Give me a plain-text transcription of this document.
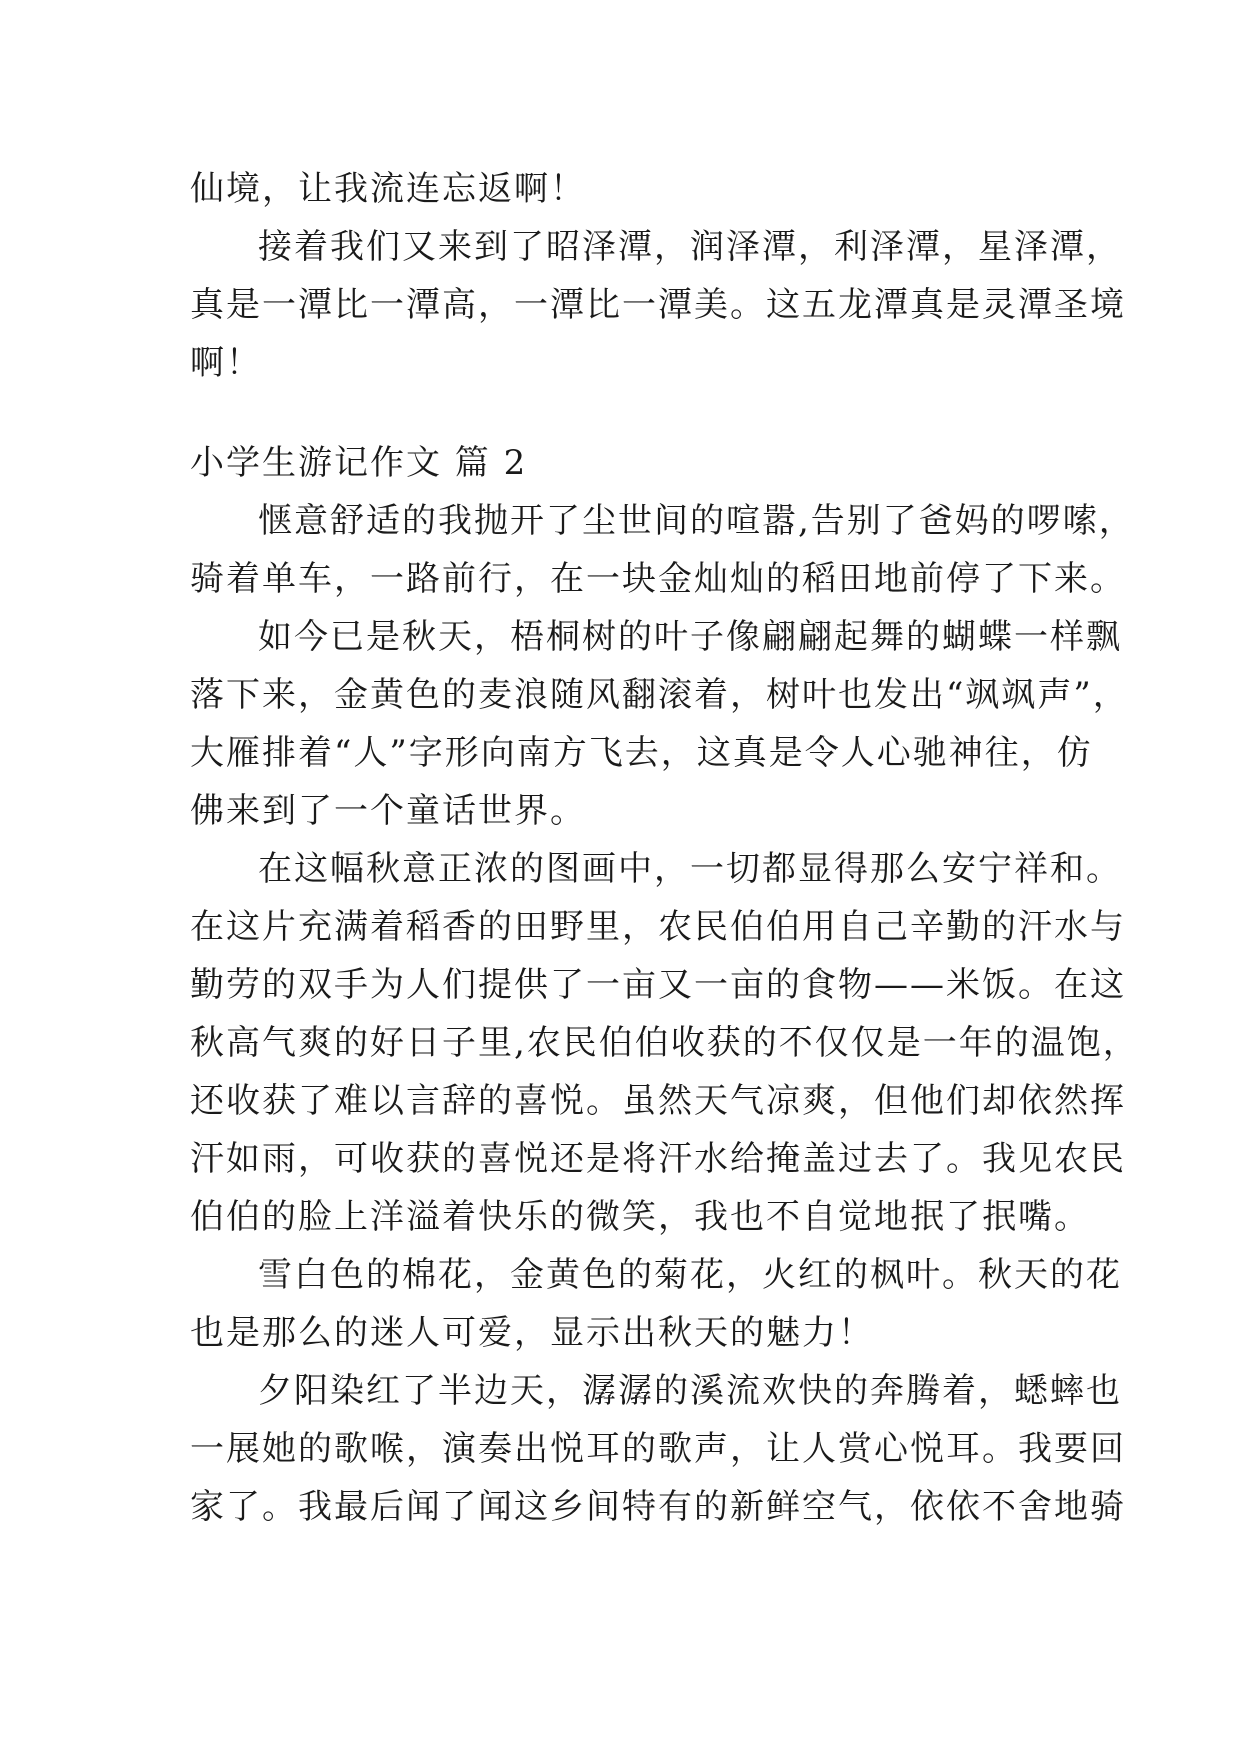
仙境，让我流连忘返啊！
接着我们又来到了昭泽潭，润泽潭，利泽潭，星泽潭，
真是一潭比一潭高，一潭比一潭美。这五龙潭真是灵潭圣境
啊！
小学生游记作文 篇 2
惬意舒适的我抛开了尘世间的喧嚣,告别了爸妈的啰嗦，
骑着单车，一路前行，在一块金灿灿的稻田地前停了下来。
如今已是秋天，梧桐树的叶子像翩翩起舞的蝴蝶一样飘
落下来，金黄色的麦浪随风翻滚着，树叶也发出“飒飒声”，
大雁排着“人”字形向南方飞去，这真是令人心驰神往，仿
佛来到了一个童话世界。
在这幅秋意正浓的图画中，一切都显得那么安宁祥和。
在这片充满着稻香的田野里，农民伯伯用自己辛勤的汗水与
勤劳的双手为人们提供了一亩又一亩的食物——米饭。在这
秋高气爽的好日子里,农民伯伯收获的不仅仅是一年的温饱，
还收获了难以言辞的喜悦。虽然天气凉爽，但他们却依然挥
汗如雨，可收获的喜悦还是将汗水给掩盖过去了。我见农民
伯伯的脸上洋溢着快乐的微笑，我也不自觉地抿了抿嘴。
雪白色的棉花，金黄色的菊花，火红的枫叶。秋天的花
也是那么的迷人可爱，显示出秋天的魅力！
夕阳染红了半边天，潺潺的溪流欢快的奔腾着，蟋蟀也
一展她的歌喉，演奏出悦耳的歌声，让人赏心悦耳。我要回
家了。我最后闻了闻这乡间特有的新鲜空气，依依不舍地骑
